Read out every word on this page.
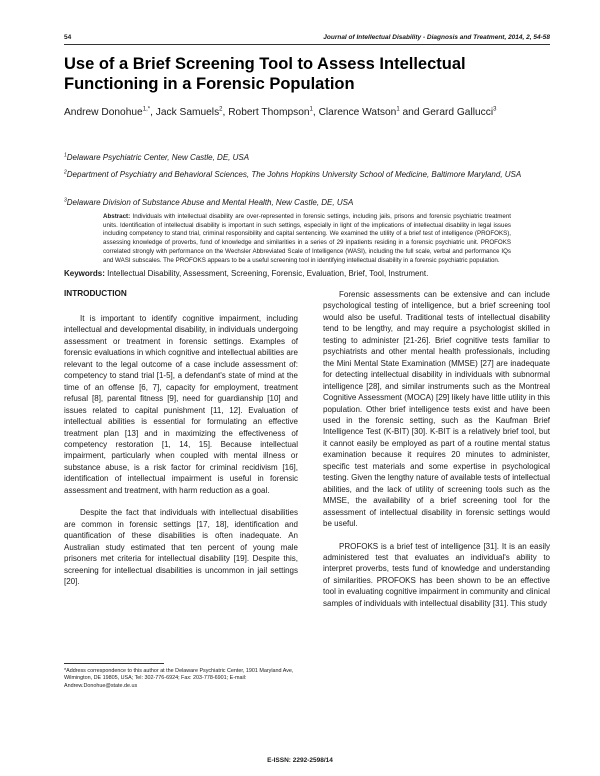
54	Journal of Intellectual Disability - Diagnosis and Treatment, 2014, 2, 54-58
Use of a Brief Screening Tool to Assess Intellectual Functioning in a Forensic Population
Andrew Donohue$^{1,*}$, Jack Samuels$^2$, Robert Thompson$^1$, Clarence Watson$^1$ and Gerard Gallucci$^3$
$^1$Delaware Psychiatric Center, New Castle, DE, USA
$^2$Department of Psychiatry and Behavioral Sciences, The Johns Hopkins University School of Medicine, Baltimore Maryland, USA
$^3$Delaware Division of Substance Abuse and Mental Health, New Castle, DE, USA
Abstract: Individuals with intellectual disability are over-represented in forensic settings, including jails, prisons and forensic psychiatric treatment units. Identification of intellectual disability is important in such settings, especially in light of the implications of intellectual disability in legal issues including competency to stand trial, criminal responsibility and capital sentencing. We examined the utility of a brief test of intelligence (PROFOKS), assessing knowledge of proverbs, fund of knowledge and similarities in a series of 29 inpatients residing in a forensic psychiatric unit. PROFOKS correlated strongly with performance on the Wechsler Abbreviated Scale of Intelligence (WASI), including the full scale, verbal and performance IQs and WASI subscales. The PROFOKS appears to be a useful screening tool in identifying intellectual disability in a forensic psychiatric population.
Keywords: Intellectual Disability, Assessment, Screening, Forensic, Evaluation, Brief, Tool, Instrument.
INTRODUCTION

It is important to identify cognitive impairment, including intellectual and developmental disability, in individuals undergoing assessment or treatment in forensic settings. Examples of forensic evaluations in which cognitive and intellectual abilities are relevant to the legal outcome of a case include assessment of: competency to stand trial [1-5], a defendant's state of mind at the time of an offense [6, 7], capacity for employment, treatment refusal [8], parental fitness [9], need for guardianship [10] and issues related to capital punishment [11, 12]. Evaluation of intellectual abilities is essential for formulating an effective treatment plan [13] and in maximizing the effectiveness of competency restoration [1, 14, 15]. Because intellectual impairment, particularly when coupled with mental illness or substance abuse, is a risk factor for criminal recidivism [16], identification of intellectual impairment is useful in forensic assessment and treatment, with harm reduction as a goal.

Despite the fact that individuals with intellectual disabilities are common in forensic settings [17, 18], identification and quantification of these disabilities is often inadequate. An Australian study estimated that ten percent of young male prisoners met criteria for intellectual disability [19]. Despite this, screening for intellectual disabilities is uncommon in jail settings [20].

Forensic assessments can be extensive and can include psychological testing of intelligence, but a brief screening tool would also be useful. Traditional tests of intellectual disability tend to be lengthy, and may require a psychologist skilled in testing to administer [21-26]. Brief cognitive tests familiar to psychiatrists and other mental health professionals, including the Mini Mental State Examination (MMSE) [27] are inadequate for detecting intellectual disability in individuals with subnormal intelligence [28], and similar instruments such as the Montreal Cognitive Assessment (MOCA) [29] likely have little utility in this population. Other brief intelligence tests exist and have been used in the forensic setting, such as the Kaufman Brief Intelligence Test (K-BIT) [30]. K-BIT is a relatively brief tool, but it cannot easily be employed as part of a routine mental status examination because it requires 20 minutes to administer, specific test materials and some expertise in psychological testing. Given the lengthy nature of available tests of intellectual abilities, and the lack of utility of screening tools such as the MMSE, the availability of a brief screening tool for the assessment of intellectual disability in forensic settings would be useful.

PROFOKS is a brief test of intelligence [31]. It is an easily administered test that evaluates an individual's ability to interpret proverbs, tests fund of knowledge and understanding of similarities. PROFOKS has been shown to be an effective tool in evaluating cognitive impairment in community and clinical samples of individuals with intellectual disability [31]. This study

*Address correspondence to this author at the Delaware Psychiatric Center, 1901 Maryland Ave, Wilmington, DE 19805, USA; Tel: 302-776-6924; Fax: 203-778-6901; E-mail: Andrew.Donohue@state.de.us
E-ISSN: 2292-2598/14
